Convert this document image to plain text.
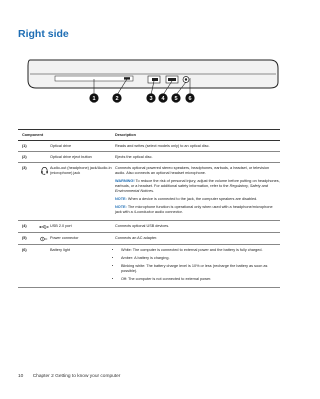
Right side
1	2	3 4 5 6
Component	Description
(1)	Optical drive	Reads and writes (select models only) to an optical disc.
(2)	Optical drive eject button	Ejects the optical disc.
(3)	Audio-out (headphone) jack/Audio-in (microphone) jack

Connects optional powered stereo speakers, headphones, earbuds, a headset, or television audio. Also connects an optional headset microphone.

WARNING! To reduce the risk of personal injury, adjust the volume before putting on headphones, earbuds, or a headset. For additional safety information, refer to the Regulatory, Safety and Environmental Notices.

NOTE: When a device is connected to the jack, the computer speakers are disabled.

NOTE: The microphone function is operational only when used with a headphone/microphone jack with a 4-conductor audio connector.

(4)	USB 2.0 port	Connects optional USB devices.
(5)	Power connector	Connects an AC adapter.
(6)	Battery light
•	White: The computer is connected to external power and the battery is fully charged.
• Amber: A battery is charging.
• Blinking white: The battery charge level is 10% or less (recharge the battery as soon as possible).
• Off: The computer is not connected to external power.
10 Chapter 2 Getting to know your computer
